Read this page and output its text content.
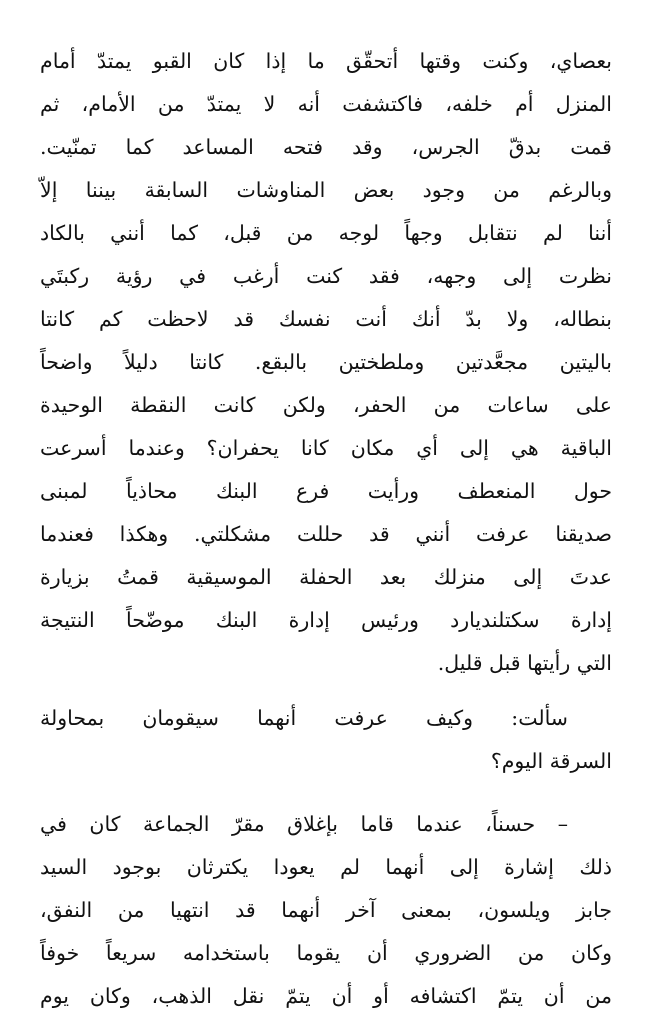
بعصاي، وكنت وقتها أتحقّق ما إذا كان القبو يمتدّ أمام
المنزل أم خلفه، فاكتشفت أنه لا يمتدّ من الأمام، ثم
قمت بدقّ الجرس، وقد فتحه المساعد كما تمنّيت.
وبالرغم من وجود بعض المناوشات السابقة بيننا إلاّ
أننا لم نتقابل وجهاً لوجه من قبل، كما أنني بالكاد
نظرت إلى وجهه، فقد كنت أرغب في رؤية ركبتَي
بنطاله، ولا بدّ أنك أنت نفسك قد لاحظت كم كانتا
باليتين مجعَّدتين وملطختين بالبقع. كانتا دليلاً واضحاً
على ساعات من الحفر، ولكن كانت النقطة الوحيدة
الباقية هي إلى أي مكان كانا يحفران؟ وعندما أسرعت
حول المنعطف ورأيت فرع البنك محاذياً لمبنى
صديقنا عرفت أنني قد حللت مشكلتي. وهكذا فعندما
عدتَ إلى منزلك بعد الحفلة الموسيقية قمتُ بزيارة
إدارة سكتلنديارد ورئيس إدارة البنك موضّحاً النتيجة
التي رأيتها قبل قليل.
سألت: وكيف عرفت أنهما سيقومان بمحاولة
السرقة اليوم؟
– حسناً، عندما قاما بإغلاق مقرّ الجماعة كان في
ذلك إشارة إلى أنهما لم يعودا يكترثان بوجود السيد
جابز ويلسون، بمعنى آخر أنهما قد انتهيا من النفق،
وكان من الضروري أن يقوما باستخدامه سريعاً خوفاً
من أن يتمّ اكتشافه أو أن يتمّ نقل الذهب، وكان يوم
